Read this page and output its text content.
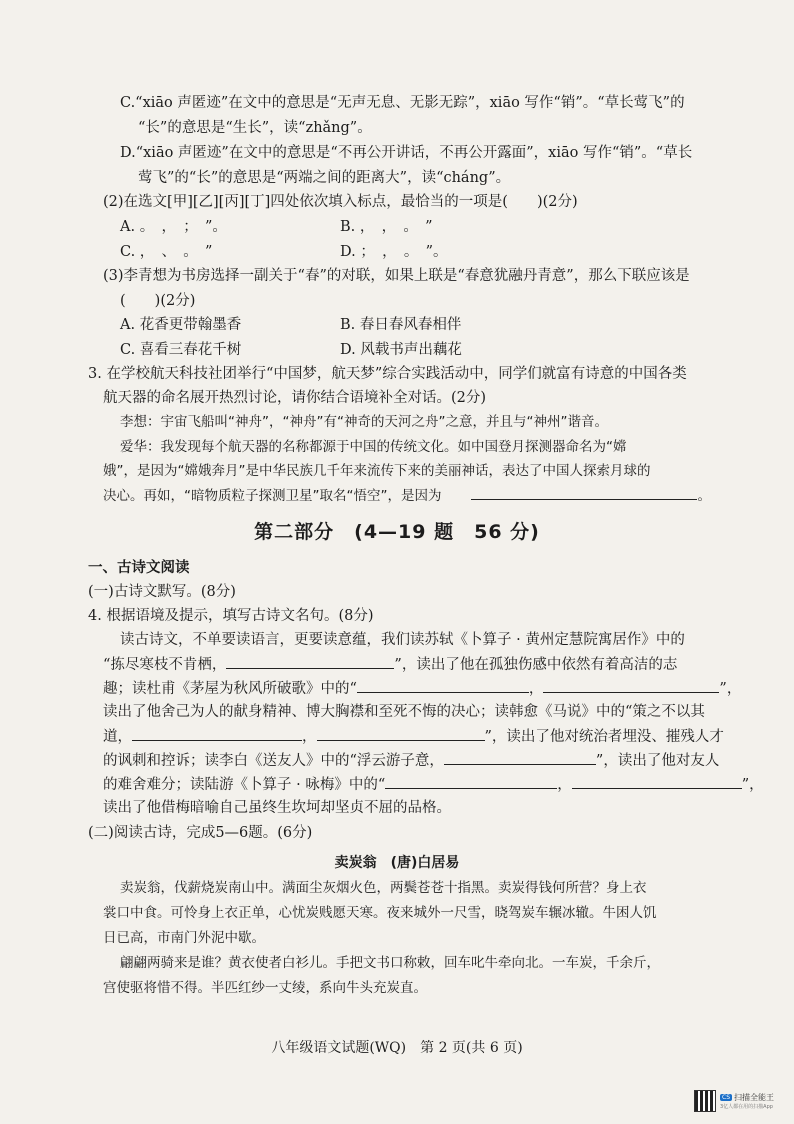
C.“xiāo 声匿迹”在文中的意思是“无声无息、无影无踪”，xiāo 写作“销”。“草长莺飞”的
“长”的意思是“生长”，读“zhǎng”。
D.“xiāo 声匿迹”在文中的意思是“不再公开讲话，不再公开露面”，xiāo 写作“销”。“草长
莺飞”的“长”的意思是“两端之间的距离大”，读“cháng”。
(2)在选文[甲][乙][丙][丁]四处依次填入标点，最恰当的一项是(　　)(2分)
A. 。　，　；　”。	B. ，　，　。　”
C. ，　、　。　”	D. ；　，　。　”。
(3)李青想为书房选择一副关于“春”的对联，如果上联是“春意犹融丹青意”，那么下联应该是
(　　)(2分)
A. 花香更带翰墨香	B. 春日春风春相伴
C. 喜看三春花千树	D. 风载书声出藕花
3. 在学校航天科技社团举行“中国梦，航天梦”综合实践活动中，同学们就富有诗意的中国各类
航天器的命名展开热烈讨论，请你结合语境补全对话。(2分)
李想：宇宙飞船叫“神舟”，“神舟”有“神奇的天河之舟”之意，并且与“神州”谐音。
爱华：我发现每个航天器的名称都源于中国的传统文化。如中国登月探测器命名为“嫦
娥”，是因为“嫦娥奔月”是中华民族几千年来流传下来的美丽神话，表达了中国人探索月球的
决心。再如，“暗物质粒子探测卫星”取名“悟空”，是因为	。
第二部分　(4—19 题　56 分)
一、古诗文阅读
(一)古诗文默写。(8分)
4. 根据语境及提示，填写古诗文名句。(8分)
读古诗文，不单要读语言，更要读意蕴，我们读苏轼《卜算子 · 黄州定慧院寓居作》中的
“拣尽寒枝不肯栖，	”，读出了他在孤独伤感中依然有着高洁的志
趣；读杜甫《茅屋为秋风所破歌》中的“	，	”，
读出了他舍己为人的献身精神、博大胸襟和至死不悔的决心；读韩愈《马说》中的“策之不以其
道，	，	”，读出了他对统治者埋没、摧残人才
的讽刺和控诉；读李白《送友人》中的“浮云游子意，	”，读出了他对友人
的难舍难分；读陆游《卜算子 · 咏梅》中的“	，	”，
读出了他借梅暗喻自己虽终生坎坷却坚贞不屈的品格。
(二)阅读古诗，完成5—6题。(6分)
卖炭翁　(唐)白居易
卖炭翁，伐薪烧炭南山中。满面尘灰烟火色，两鬓苍苍十指黑。卖炭得钱何所营？身上衣
裳口中食。可怜身上衣正单，心忧炭贱愿天寒。夜来城外一尺雪，晓驾炭车辗冰辙。牛困人饥
日已高，市南门外泥中歇。
翩翩两骑来是谁？黄衣使者白衫儿。手把文书口称敕，回车叱牛牵向北。一车炭，千余斤，
宫使驱将惜不得。半匹红纱一丈绫，系向牛头充炭直。
八年级语文试题(WQ)　第 2 页(共 6 页)
CS 扫描全能王
3亿人都在用的扫描App
